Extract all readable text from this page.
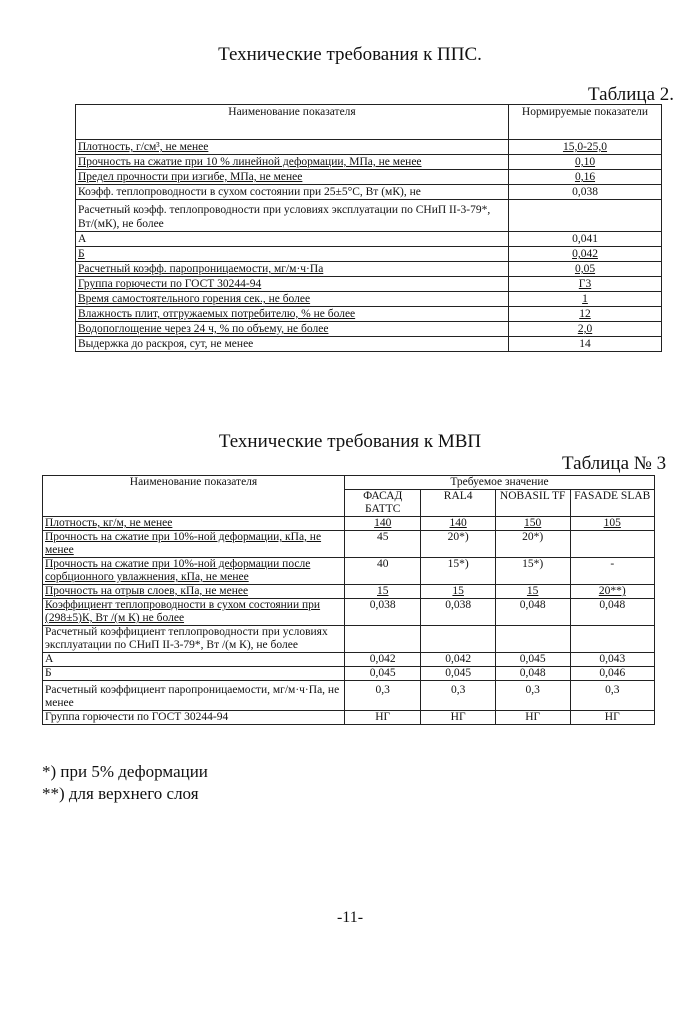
Технические требования к ППС.
Таблица 2.
Наименование показателя	Нормируемые показатели
Плотность, г/см³, не менее	15,0-25,0
Прочность на сжатие при 10 % линейной деформации, МПа, не менее	0,10
Предел прочности при изгибе, МПа, не менее	0,16
Коэфф. теплопроводности в сухом состоянии при 25±5°С, Вт (мК), не	0,038
Расчетный коэфф. теплопроводности при условиях эксплуатации по СНиП II-3-79*, Вт/(мК), не более	
А	0,041
Б	0,042
Расчетный коэфф. паропроницаемости, мг/м·ч·Па	0,05
Группа горючести по ГОСТ 30244-94	Г3
Время самостоятельного горения сек., не более	1
Влажность плит, отгружаемых потребителю, % не более	12
Водопоглощение через 24 ч, % по объему, не более	2,0
Выдержка до раскроя, сут, не менее	14
Технические требования к МВП
Таблица № 3
Наименование показателя	Требуемое значение			
	ФАСАД БАТТС	RAL4	NOBASIL TF	FASADE SLAB
Плотность, кг/м, не менее	140	140	150	105
Прочность на сжатие при 10%-ной деформации, кПа, не менее	45	20*)	20*)	
Прочность на сжатие при 10%-ной деформации после сорбционного увлажнения, кПа, не менее	40	15*)	15*)	-
Прочность на отрыв слоев, кПа, не менее	15	15	15	20**)
Коэффициент теплопроводности в сухом состоянии при (298±5)К, Вт /(м К) не более	0,038	0,038	0,048	0,048
Расчетный коэффициент теплопроводности при условиях эксплуатации по СНиП II-3-79*, Вт /(м К), не более				
А	0,042	0,042	0,045	0,043
Б	0,045	0,045	0,048	0,046
Расчетный коэффициент паропроницаемости, мг/м·ч·Па, не менее	0,3	0,3	0,3	0,3
Группа горючести по ГОСТ 30244-94	НГ	НГ	НГ	НГ
*) при 5% деформации
**) для верхнего слоя
-11-
